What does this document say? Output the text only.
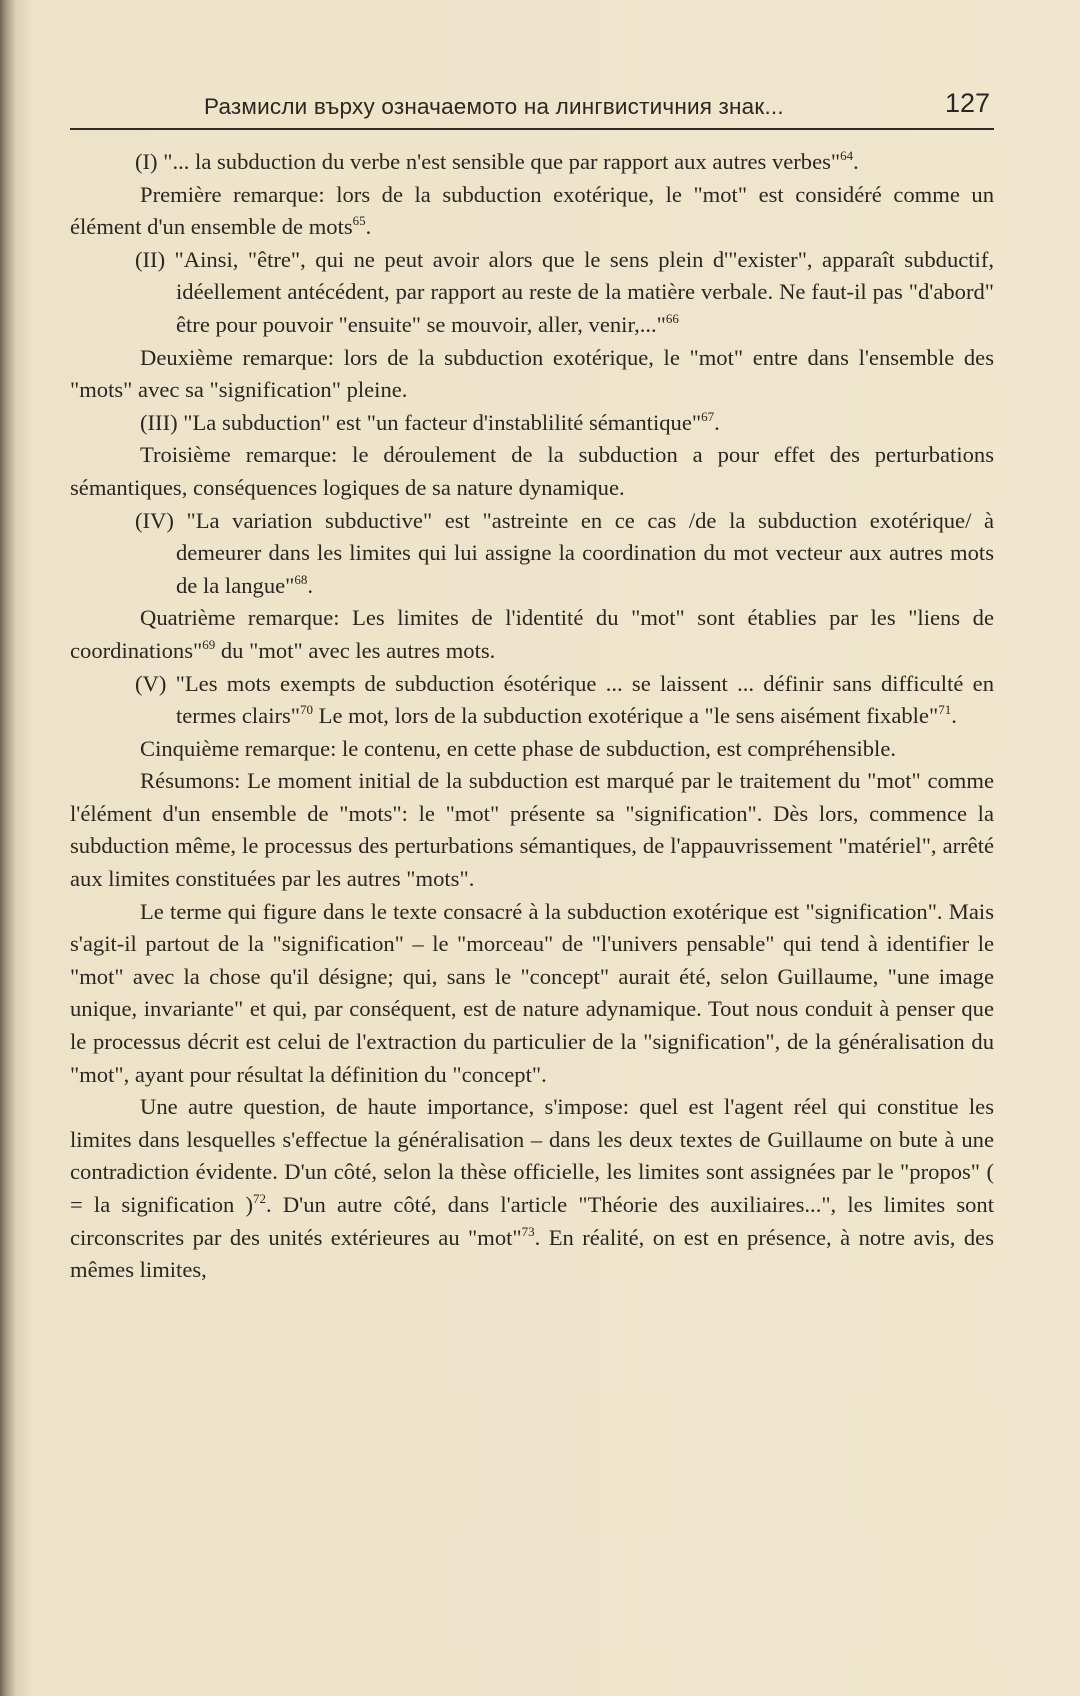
Размисли върху означаемото на лингвистичния знак...	127

(I) "... la subduction du verbe n'est sensible que par rapport aux autres verbes"$^{64}$.

Première remarque: lors de la subduction exotérique, le "mot" est considéré comme un élément d'un ensemble de mots$^{65}$.

(II) "Ainsi, "être", qui ne peut avoir alors que le sens plein d'"exister", apparaît subductif, idéellement antécédent, par rapport au reste de la matière verbale. Ne faut-il pas "d'abord" être pour pouvoir "ensuite" se mouvoir, aller, venir,..."$^{66}$

Deuxième remarque: lors de la subduction exotérique, le "mot" entre dans l'ensemble des "mots" avec sa "signification" pleine.

(III) "La subduction" est "un facteur d'instablilité sémantique"$^{67}$.

Troisième remarque: le déroulement de la subduction a pour effet des perturbations sémantiques, conséquences logiques de sa nature dynamique.

(IV) "La variation subductive" est "astreinte en ce cas /de la subduction exotérique/ à demeurer dans les limites qui lui assigne la coordination du mot vecteur aux autres mots de la langue"$^{68}$.

Quatrième remarque: Les limites de l'identité du "mot" sont établies par les "liens de coordinations"$^{69}$ du "mot" avec les autres mots.

(V) "Les mots exempts de subduction ésotérique ... se laissent ... définir sans difficulté en termes clairs"$^{70}$ Le mot, lors de la subduction exotérique a "le sens aisément fixable"$^{71}$.

Cinquième remarque: le contenu, en cette phase de subduction, est compréhensible.

Résumons: Le moment initial de la subduction est marqué par le traitement du "mot" comme l'élément d'un ensemble de "mots": le "mot" présente sa "signification". Dès lors, commence la subduction même, le processus des perturbations sémantiques, de l'appauvrissement "matériel", arrêté aux limites constituées par les autres "mots".

Le terme qui figure dans le texte consacré à la subduction exotérique est "signification". Mais s'agit-il partout de la "signification" – le "morceau" de "l'univers pensable" qui tend à identifier le "mot" avec la chose qu'il désigne; qui, sans le "concept" aurait été, selon Guillaume, "une image unique, invariante" et qui, par conséquent, est de nature adynamique. Tout nous conduit à penser que le processus décrit est celui de l'extraction du particulier de la "signification", de la généralisation du "mot", ayant pour résultat la définition du "concept".

Une autre question, de haute importance, s'impose: quel est l'agent réel qui constitue les limites dans lesquelles s'effectue la généralisation – dans les deux textes de Guillaume on bute à une contradiction évidente. D'un côté, selon la thèse officielle, les limites sont assignées par le "propos" ( = la signification )$^{72}$. D'un autre côté, dans l'article "Théorie des auxiliaires...", les limites sont circonscrites par des unités extérieures au "mot"$^{73}$. En réalité, on est en présence, à notre avis, des mêmes limites,
